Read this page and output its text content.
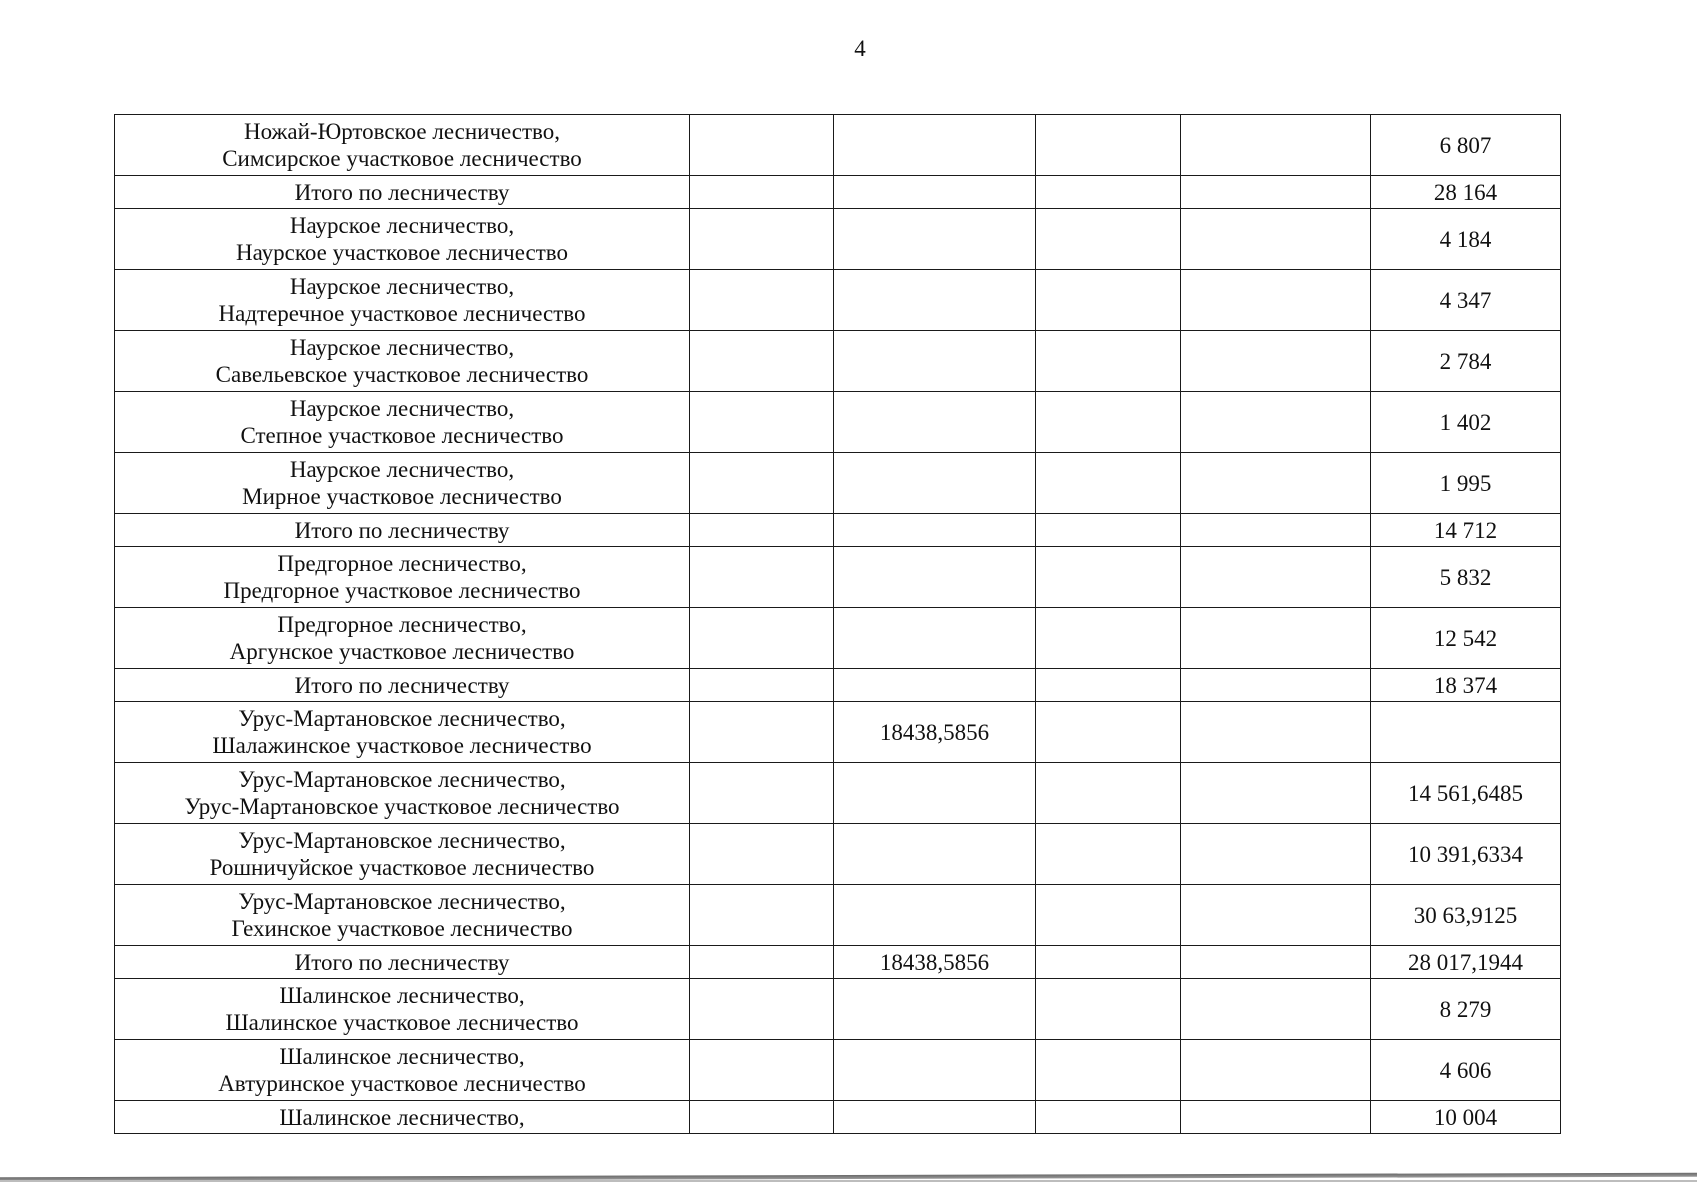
4
Ножай-Юртовское лесничество,
Симсирское участковое лесничество					6 807

Итого по лесничеству					28 164

Наурское лесничество,
Наурское участковое лесничество					4 184

Наурское лесничество,
Надтеречное участковое лесничество					4 347

Наурское лесничество,
Савельевское участковое лесничество					2 784

Наурское лесничество,
Степное участковое лесничество					1 402

Наурское лесничество,
Мирное участковое лесничество					1 995

Итого по лесничеству					14 712

Предгорное лесничество,
Предгорное участковое лесничество					5 832

Предгорное лесничество,
Аргунское участковое лесничество					12 542

Итого по лесничеству					18 374

Урус-Мартановское лесничество,
Шалажинское участковое лесничество		18438,5856			

Урус-Мартановское лесничество,
Урус-Мартановское участковое лесничество					14 561,6485

Урус-Мартановское лесничество,
Рошничуйское участковое лесничество					10 391,6334

Урус-Мартановское лесничество,
Гехинское участковое лесничество					30 63,9125

Итого по лесничеству		18438,5856			28 017,1944

Шалинское лесничество,
Шалинское участковое лесничество					8 279

Шалинское лесничество,
Автуринское участковое лесничество					4 606

Шалинское лесничество,					10 004
